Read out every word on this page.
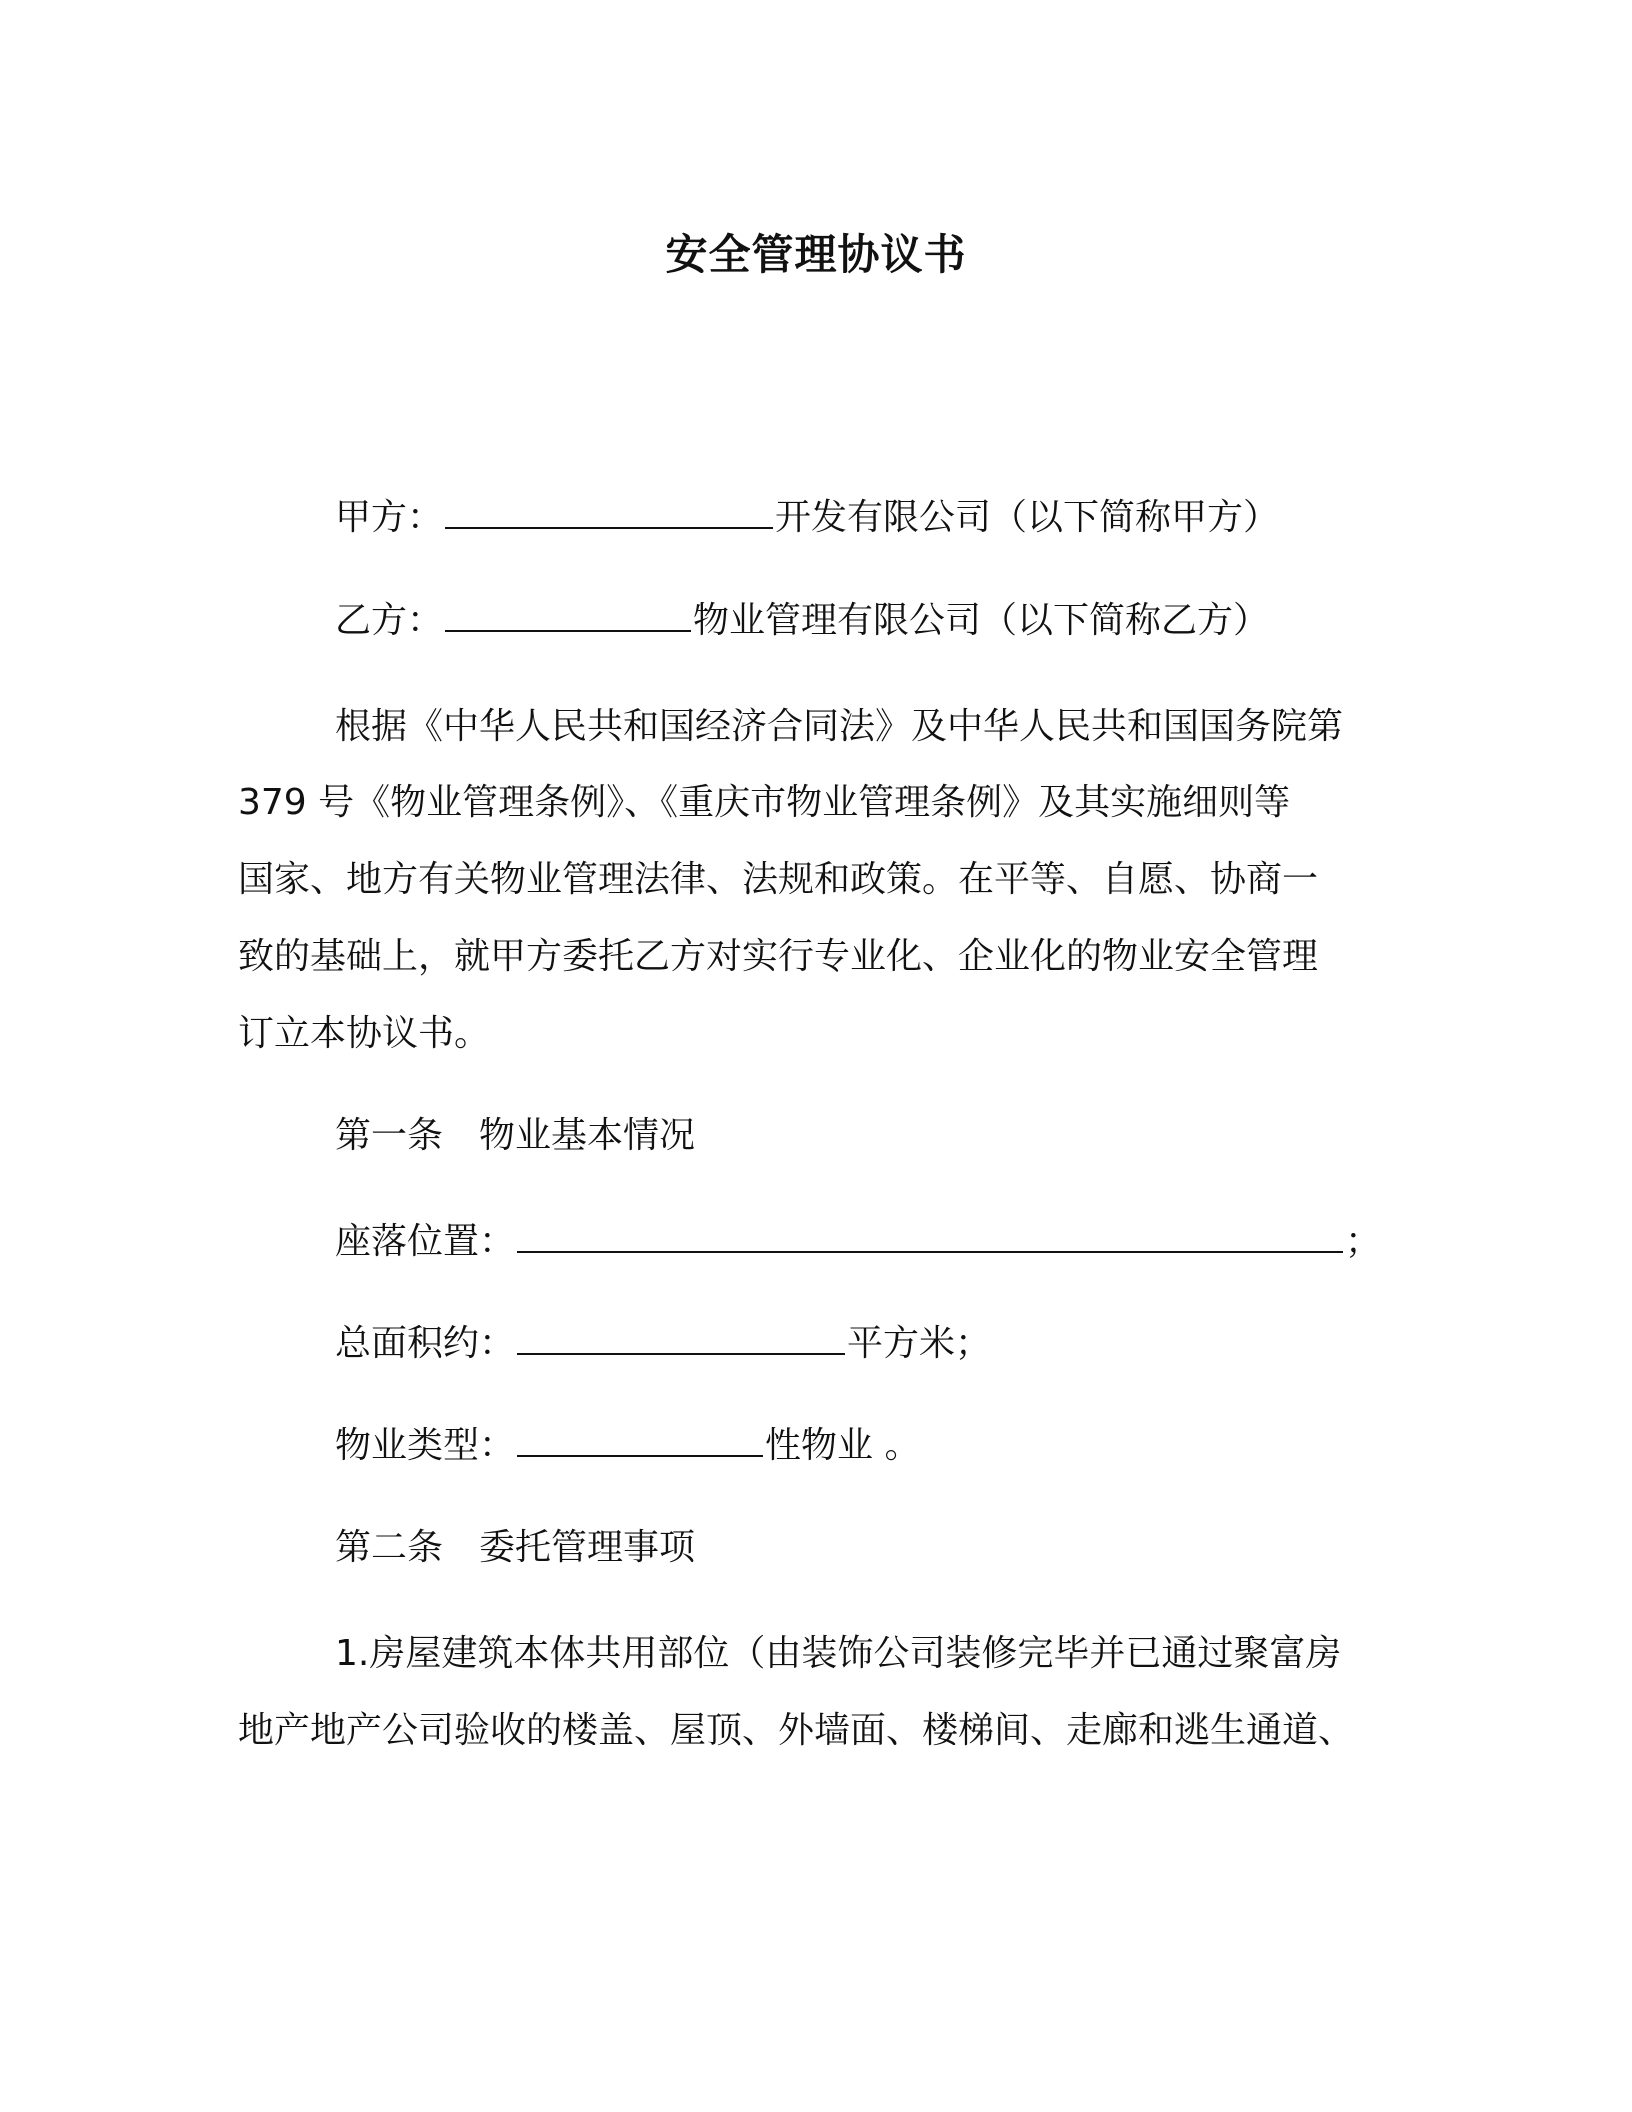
安全管理协议书
甲方：	开发有限公司（以下简称甲方）
乙方：	物业管理有限公司（以下简称乙方）
根据《中华人民共和国经济合同法》及中华人民共和国国务院第
379 号《物业管理条例》、《重庆市物业管理条例》及其实施细则等
国家、地方有关物业管理法律、法规和政策。在平等、自愿、协商一
致的基础上，就甲方委托乙方对实行专业化、企业化的物业安全管理
订立本协议书。
第一条　物业基本情况
座落位置：	；
总面积约：	平方米；
物业类型：	性物业 。
第二条　委托管理事项
1.房屋建筑本体共用部位（由装饰公司装修完毕并已通过聚富房
地产地产公司验收的楼盖、屋顶、外墙面、楼梯间、走廊和逃生通道、
